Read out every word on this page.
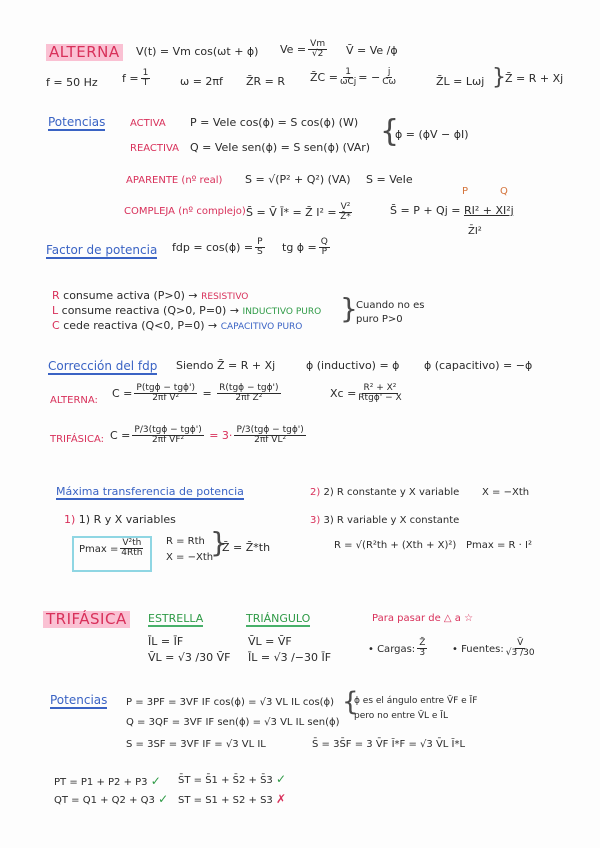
ALTERNA V(t) = Vm cos(ωt + ϕ) $Ve = \frac{Vm}{√2}$ V̄ = Ve /ϕ
f = 50 Hz $f = \frac{1}{T}$	ω = 2πf Z̄R = R Z̄C = $\frac{1}{\text{ωCj}}$ = − $\frac{j}{C\omega}$	Z̄L = Lωj } Z̄ = R + Xj
Potencias ACTIVA P = VeIe cos(ϕ) = S cos(ϕ) (W)
REACTIVA Q = VeIe sen(ϕ) = S sen(ϕ) (VAr) {
ϕ = (ϕV − ϕI)
APARENTE (nº real) S = √(P² + Q²) (VA) S = VeIe
COMPLEJA (nº complejo) S̄ = V̄ Ī* = Z̄ $I^2 = \frac{\text{V²}}{Z̄*}$
P	Q
S̄ = P + Qj = RI² + XI²j
Z̄I²
Factor de potencia fdp = $\cos(\phi) = \frac{P}{S}$ tg $\phi = \frac{Q}{P}$
R consume activa (P>0) → RESISTIVO
L consume reactiva (Q>0, P=0) → INDUCTIVO PURO
C cede reactiva (Q<0, P=0) → CAPACITIVO PURO
}
Cuando no es
puro P>0
Corrección del fdp Siendo Z̄ = R + Xj	ϕ (inductivo) = ϕ ϕ (capacitivo) = −ϕ
ALTERNA:
$C = \frac{\text{P(tgϕ − tgϕ')}}{\text{2πf V²}} = \frac{\text{R(tgϕ − tgϕ')}}{\text{2πf Z²}}$	$Xc = \frac{\text{R² + X²}}{\text{Rtgϕ' − X}}$
TRIFÁSICA: $C = \frac{\text{P/3(tgϕ − tgϕ')}}{\text{2πf VF²}} = 3\cdot \frac{\text{P/3(tgϕ − tgϕ')}}{\text{2πf VL²}}$
Máxima transferencia de potencia
1) 1) R y X variables
$Pmax = \frac{\text{V²th}}{\text{4Rth}}$ R = Rth
X = −Xth
}
Z̄ = Z̄*th
2) 2) R constante y X variable X = −Xth
3) 3) R variable y X constante
R = √(R²th + (Xth + X)²) Pmax = R · I²
TRIFÁSICA ESTRELLA
ĪL = ĪF
V̄L = √3 /30 V̄F
TRIÁNGULO
V̄L = V̄F
ĪL = √3 /−30 ĪF
Para pasar de △ a ☆
• Cargas: $\frac{Z̄}{3}$ • Fuentes: $\frac{V̄}{√3 /30}$
Potencias P = 3PF = 3VF IF cos(ϕ) = √3 VL IL cos(ϕ)
Q = 3QF = 3VF IF sen(ϕ) = √3 VL IL sen(ϕ)
S = 3SF = 3VF IF = √3 VL IL
{
ϕ es el ángulo entre V̄F e ĪF
pero no entre V̄L e ĪL
S̄ = 3S̄F = 3 V̄F Ī*F = √3 V̄L Ī*L
PT = P1 + P2 + P3 ✓
QT = Q1 + Q2 + Q3 ✓
S̄T = S̄1 + S̄2 + S̄3 ✓
ST = S1 + S2 + S3 ✗
